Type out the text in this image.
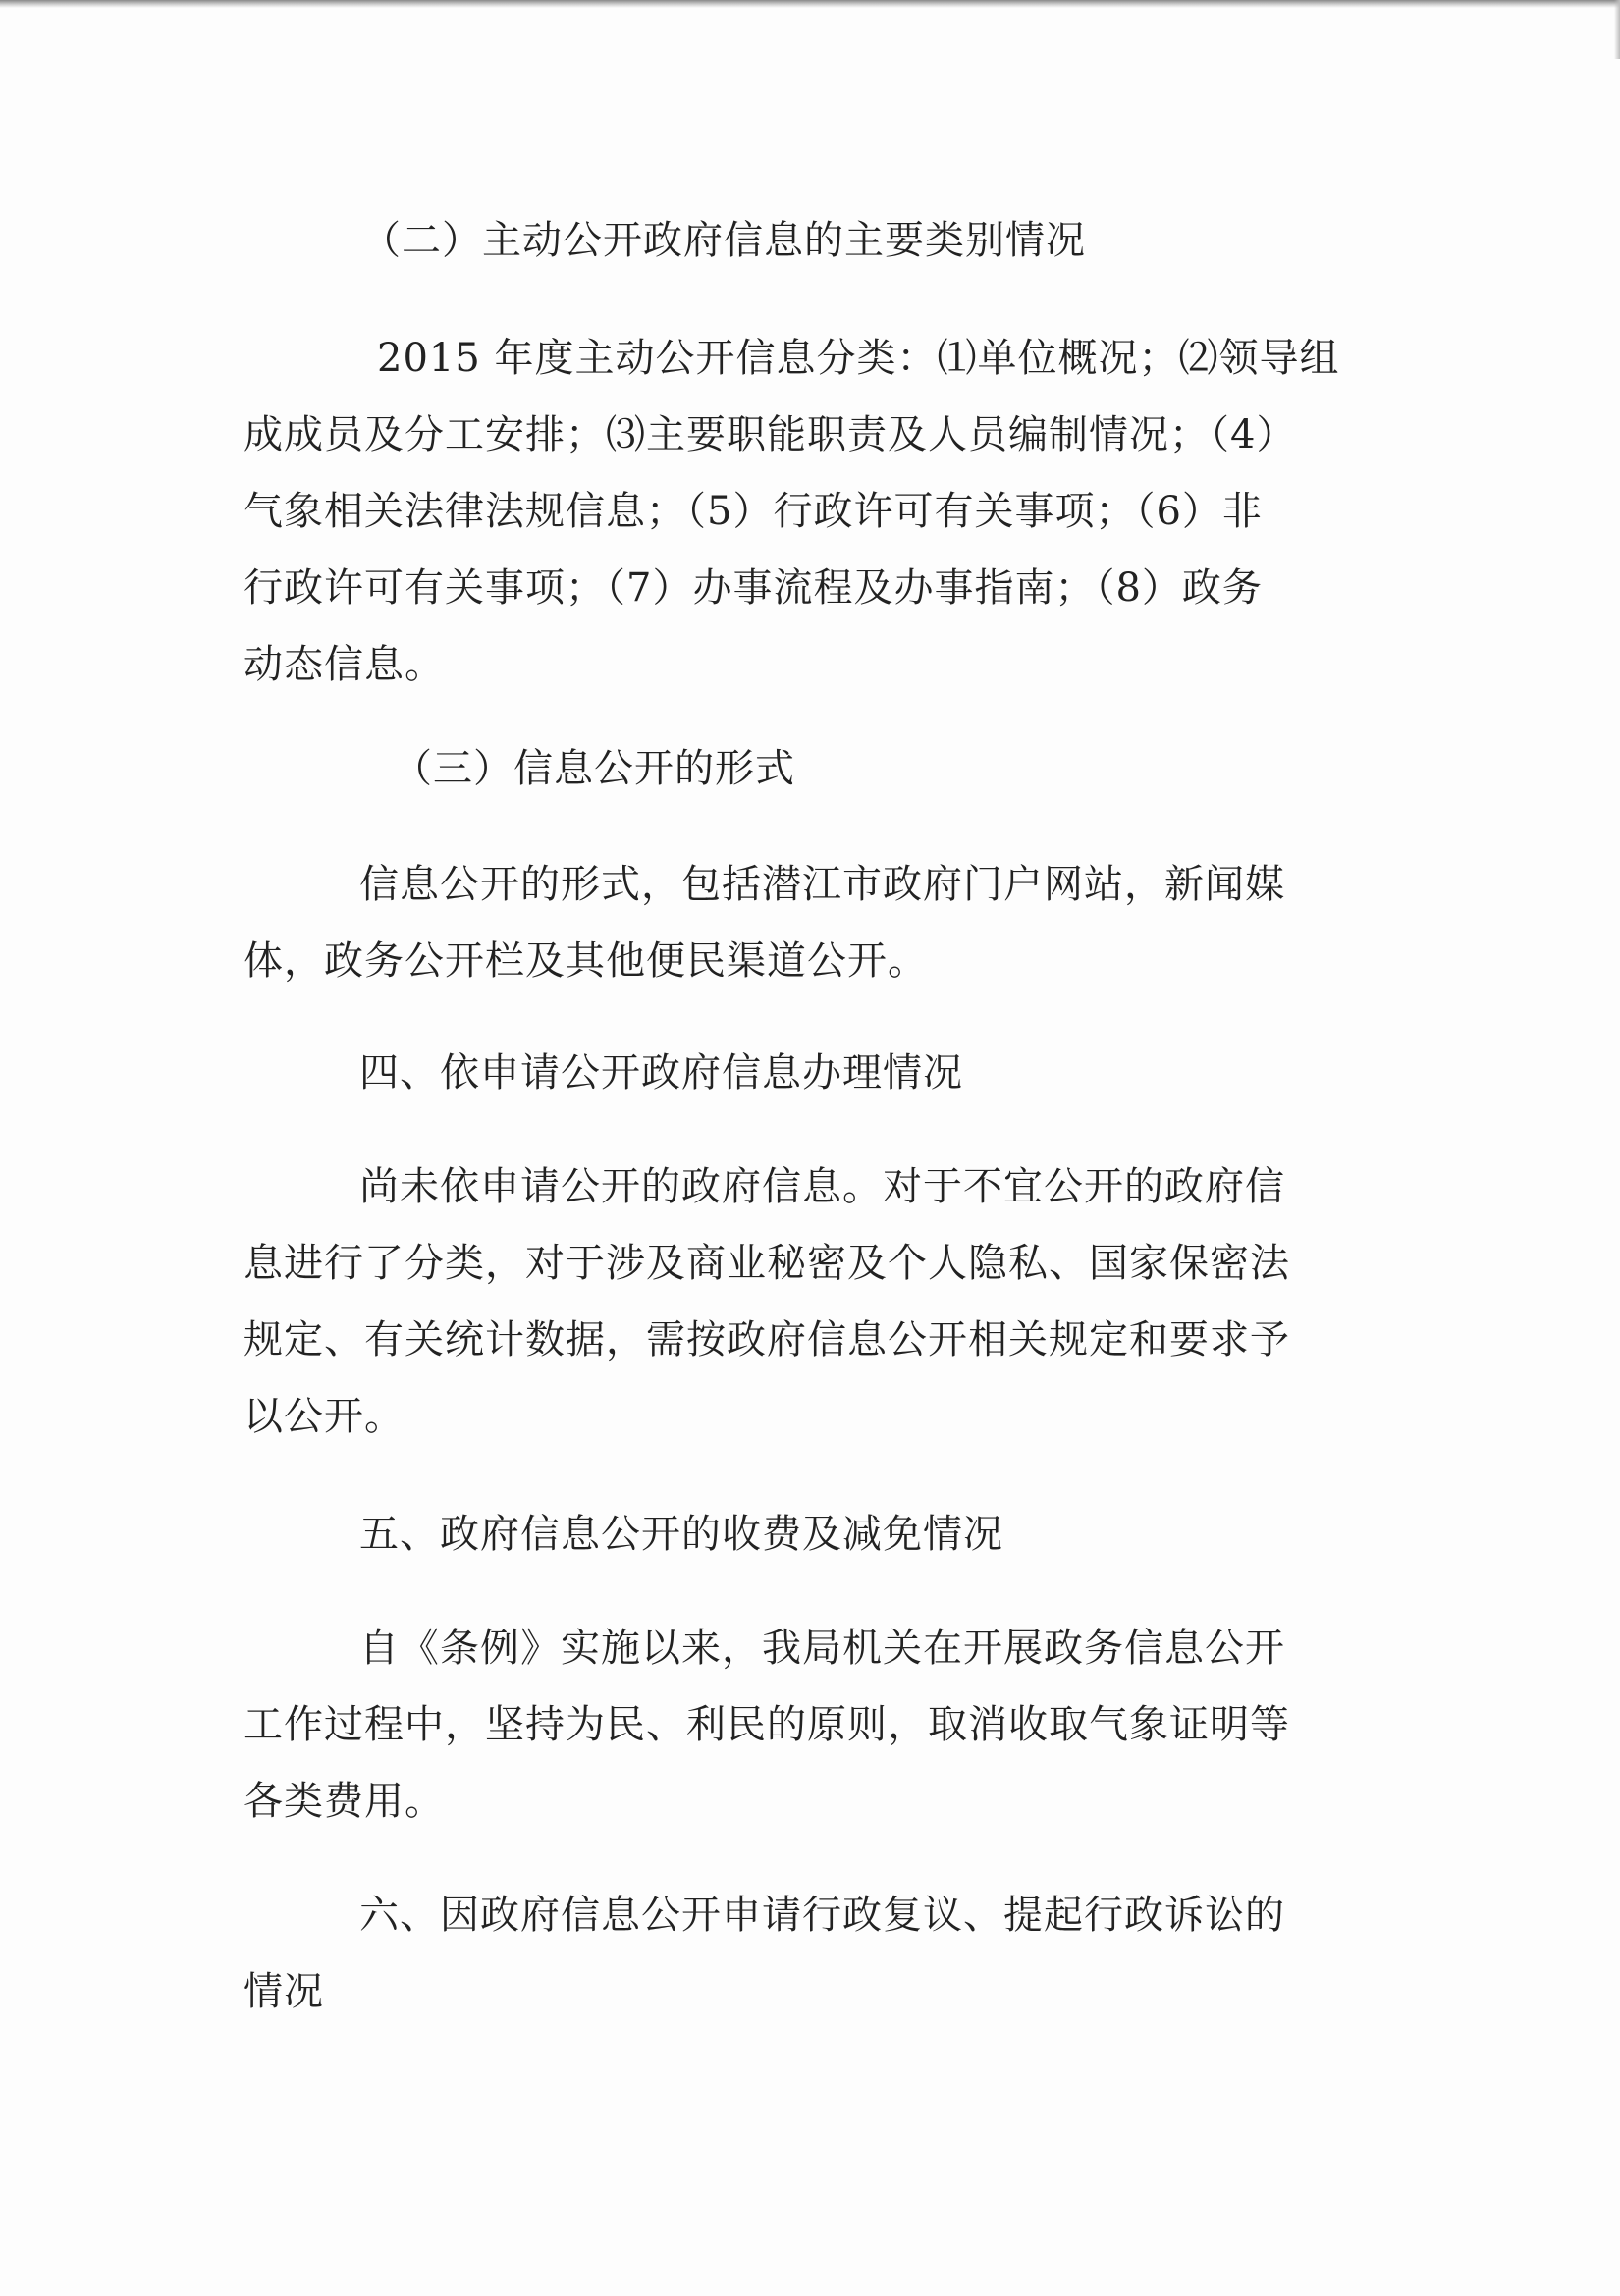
（二）主动公开政府信息的主要类别情况
2015 年度主动公开信息分类：⑴单位概况；⑵领导组
成成员及分工安排；⑶主要职能职责及人员编制情况；（4）
气象相关法律法规信息；（5）行政许可有关事项；（6）非
行政许可有关事项；（7）办事流程及办事指南；（8）政务
动态信息。
（三）信息公开的形式
信息公开的形式，包括潜江市政府门户网站，新闻媒
体，政务公开栏及其他便民渠道公开。
四、依申请公开政府信息办理情况
尚未依申请公开的政府信息。对于不宜公开的政府信
息进行了分类，对于涉及商业秘密及个人隐私、国家保密法
规定、有关统计数据，需按政府信息公开相关规定和要求予
以公开。
五、政府信息公开的收费及减免情况
自《条例》实施以来，我局机关在开展政务信息公开
工作过程中，坚持为民、利民的原则，取消收取气象证明等
各类费用。
六、因政府信息公开申请行政复议、提起行政诉讼的
情况
